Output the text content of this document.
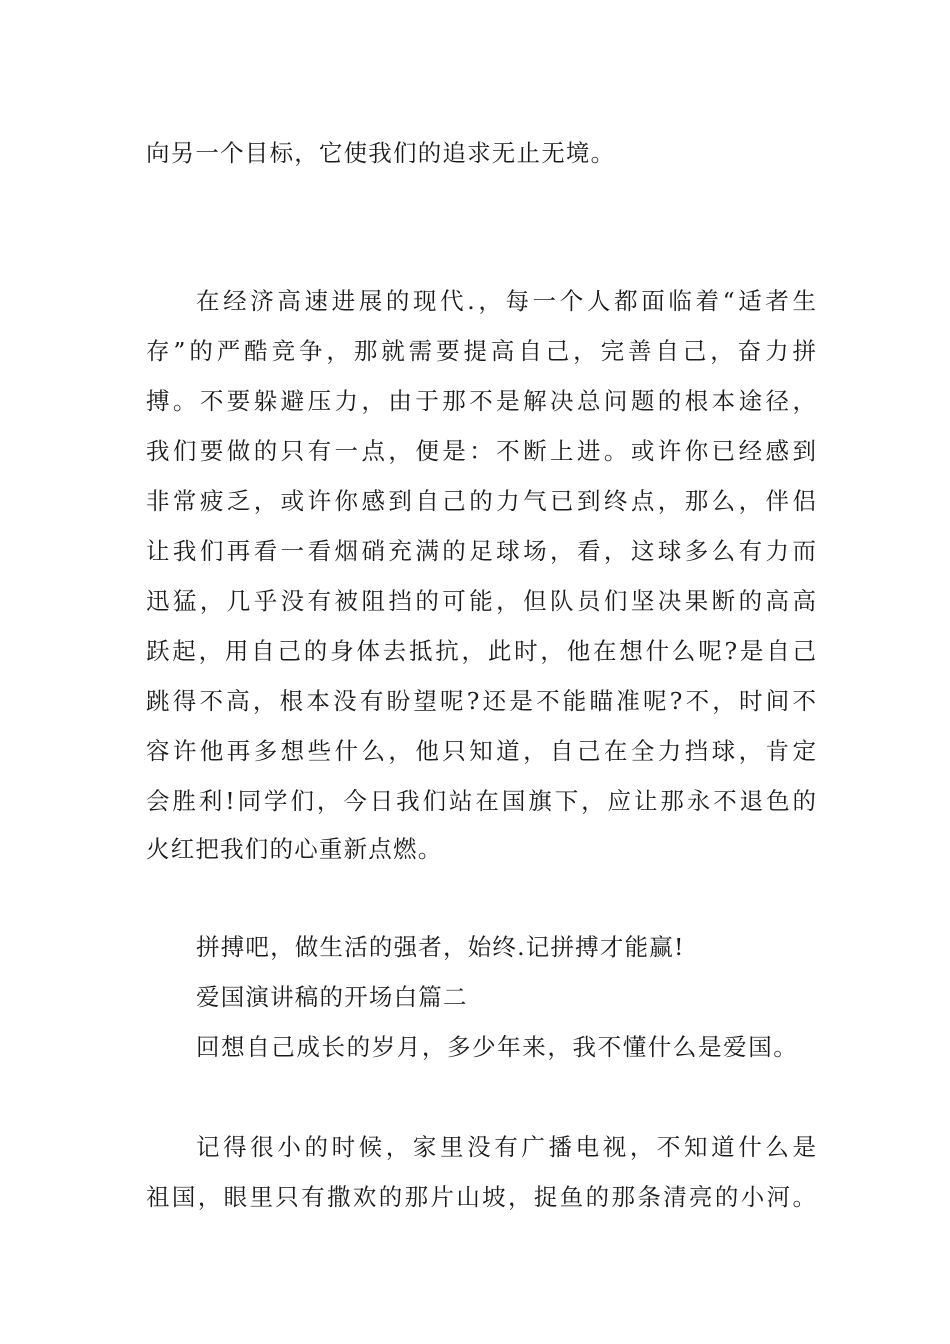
向另一个目标，它使我们的追求无止无境。
在经济高速进展的现代.，每一个人都面临着“适者生
存”的严酷竞争，那就需要提高自己，完善自己，奋力拼
搏。不要躲避压力，由于那不是解决总问题的根本途径，
我们要做的只有一点，便是：不断上进。或许你已经感到
非常疲乏，或许你感到自己的力气已到终点，那么，伴侣
让我们再看一看烟硝充满的足球场，看，这球多么有力而
迅猛，几乎没有被阻挡的可能，但队员们坚决果断的高高
跃起，用自己的身体去抵抗，此时，他在想什么呢?是自己
跳得不高，根本没有盼望呢?还是不能瞄准呢?不，时间不
容许他再多想些什么，他只知道，自己在全力挡球，肯定
会胜利!同学们，今日我们站在国旗下，应让那永不退色的
火红把我们的心重新点燃。
拼搏吧，做生活的强者，始终.记拼搏才能赢!
爱国演讲稿的开场白篇二
回想自己成长的岁月，多少年来，我不懂什么是爱国。
记得很小的时候，家里没有广播电视，不知道什么是
祖国，眼里只有撒欢的那片山坡，捉鱼的那条清亮的小河。
